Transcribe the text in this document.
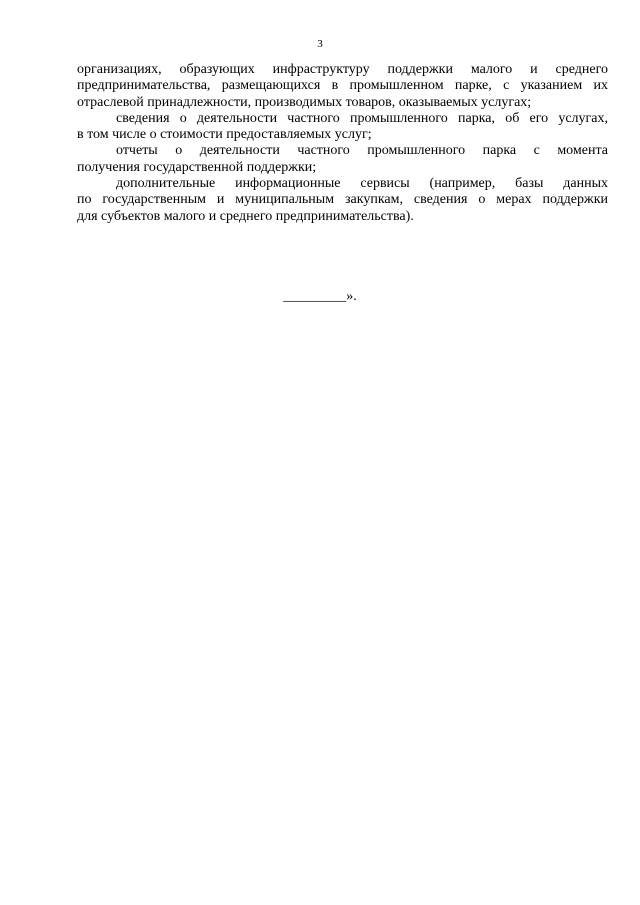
3
организациях, образующих инфраструктуру поддержки малого и среднего
предпринимательства, размещающихся в промышленном парке, с указанием их
отраслевой принадлежности, производимых товаров, оказываемых услугах;
сведения о деятельности частного промышленного парка, об его услугах,
в том числе о стоимости предоставляемых услуг;
отчеты о деятельности частного промышленного парка с момента
получения государственной поддержки;
дополнительные информационные сервисы (например, базы данных
по государственным и муниципальным закупкам, сведения о мерах поддержки
для субъектов малого и среднего предпринимательства).
_________».
